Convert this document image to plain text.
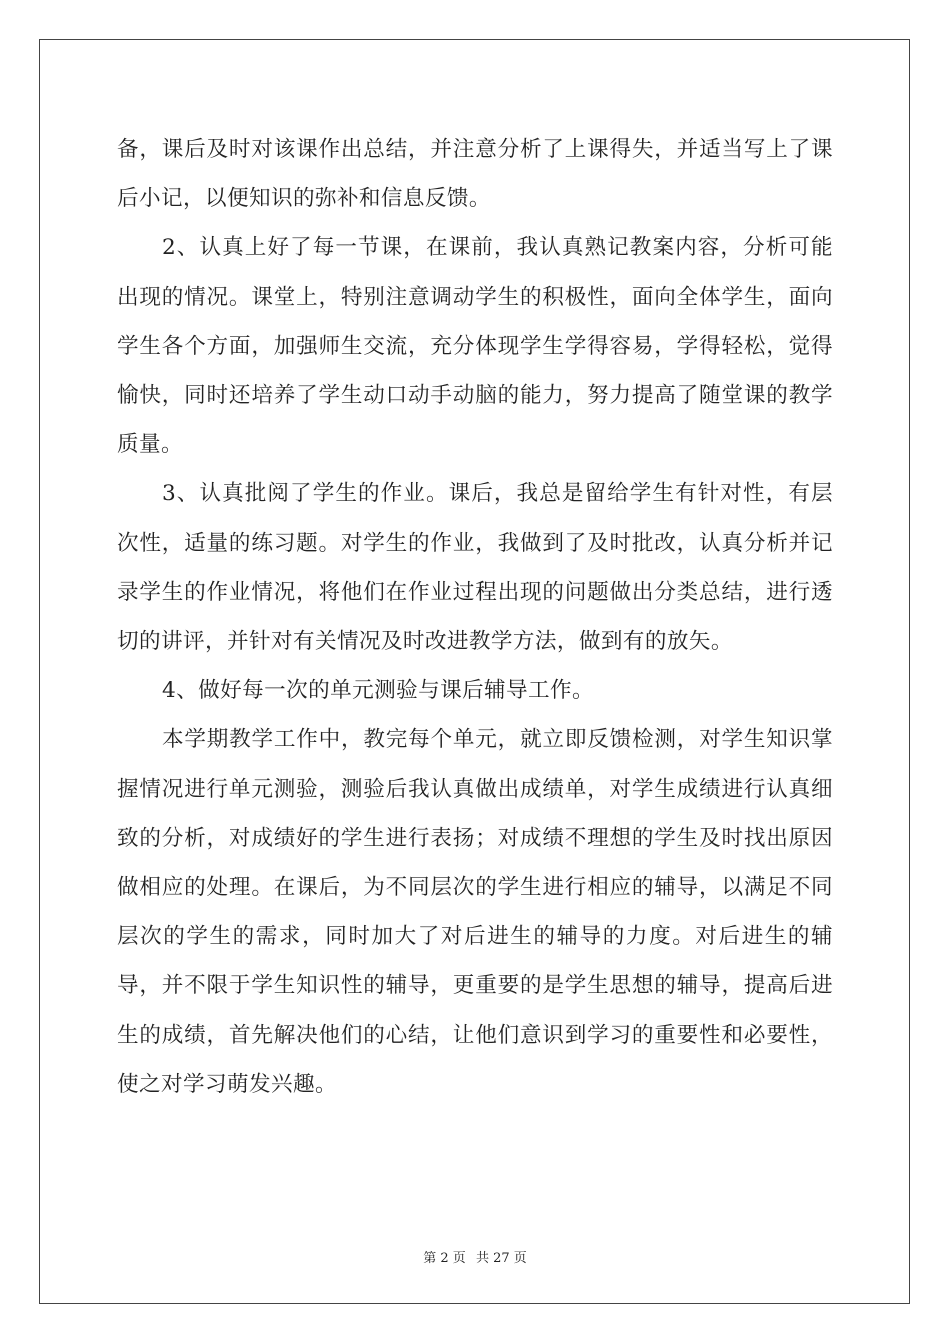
备，课后及时对该课作出总结，并注意分析了上课得失，并适当写上了课后小记，以便知识的弥补和信息反馈。

2、认真上好了每一节课，在课前，我认真熟记教案内容，分析可能出现的情况。课堂上，特别注意调动学生的积极性，面向全体学生，面向学生各个方面，加强师生交流，充分体现学生学得容易，学得轻松，觉得愉快，同时还培养了学生动口动手动脑的能力，努力提高了随堂课的教学质量。

3、认真批阅了学生的作业。课后，我总是留给学生有针对性，有层次性，适量的练习题。对学生的作业，我做到了及时批改，认真分析并记录学生的作业情况，将他们在作业过程出现的问题做出分类总结，进行透切的讲评，并针对有关情况及时改进教学方法，做到有的放矢。

4、做好每一次的单元测验与课后辅导工作。

本学期教学工作中，教完每个单元，就立即反馈检测，对学生知识掌握情况进行单元测验，测验后我认真做出成绩单，对学生成绩进行认真细致的分析，对成绩好的学生进行表扬；对成绩不理想的学生及时找出原因做相应的处理。在课后，为不同层次的学生进行相应的辅导，以满足不同层次的学生的需求，同时加大了对后进生的辅导的力度。对后进生的辅导，并不限于学生知识性的辅导，更重要的是学生思想的辅导，提高后进生的成绩，首先解决他们的心结，让他们意识到学习的重要性和必要性，使之对学习萌发兴趣。

第 2 页 共 27 页
